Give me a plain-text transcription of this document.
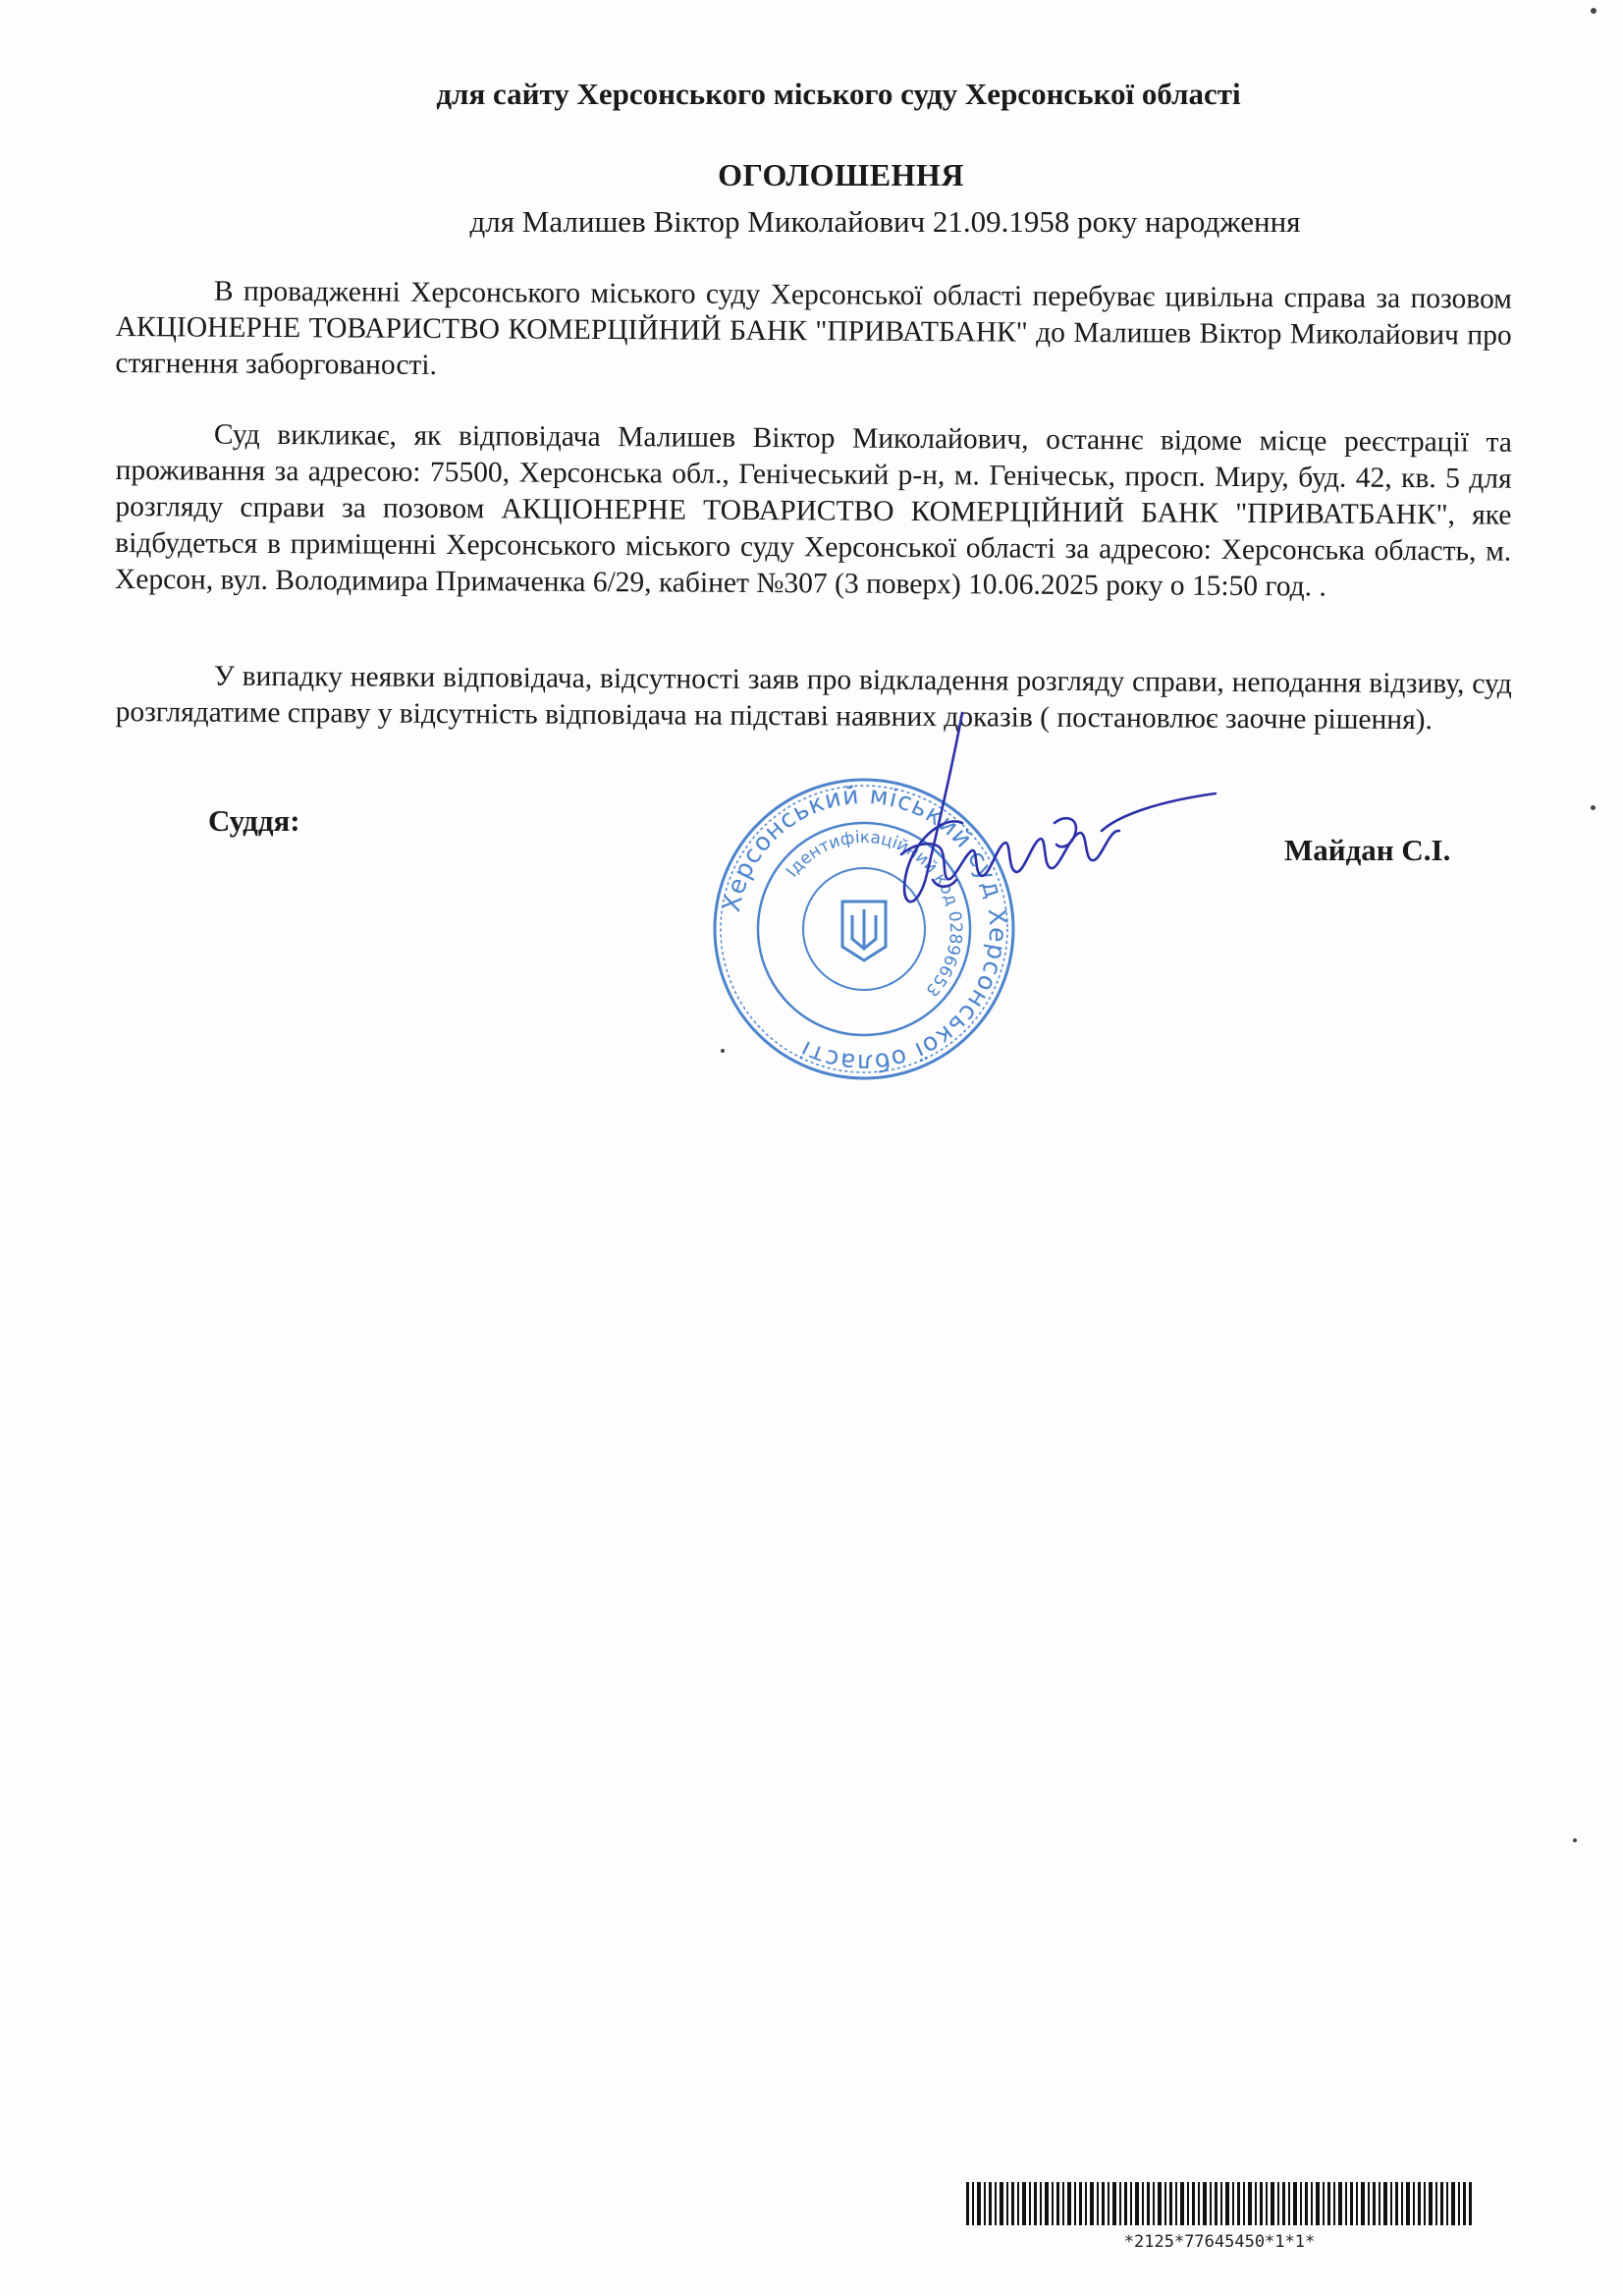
для сайту Херсонського міського суду Херсонської області
ОГОЛОШЕННЯ
для Малишев Віктор Миколайович 21.09.1958 року народження
В провадженні Херсонського міського суду Херсонської області перебуває цивільна справа за позовом АКЦІОНЕРНЕ ТОВАРИСТВО КОМЕРЦІЙНИЙ БАНК "ПРИВАТБАНК" до Малишев Віктор Миколайович про стягнення заборгованості.
Суд викликає, як відповідача Малишев Віктор Миколайович, останнє відоме місце реєстрації та проживання за адресою: 75500, Херсонська обл., Генічеський р-н, м. Генічеськ, просп. Миру, буд. 42, кв. 5 для розгляду справи за позовом АКЦІОНЕРНЕ ТОВАРИСТВО КОМЕРЦІЙНИЙ БАНК "ПРИВАТБАНК", яке відбудеться в приміщенні Херсонського міського суду Херсонської області за адресою: Херсонська область, м. Херсон, вул. Володимира Примаченка 6/29, кабінет №307 (3 поверх) 10.06.2025 року о 15:50 год. .
У випадку неявки відповідача, відсутності заяв про відкладення розгляду справи, неподання відзиву, суд розглядатиме справу у відсутність відповідача на підставі наявних доказів ( постановлює заочне рішення).
Суддя:
Майдан С.І.
Херсонський міський суд Херсонської області
Ідентифікаційний код 02896653
*2125*77645450*1*1*
